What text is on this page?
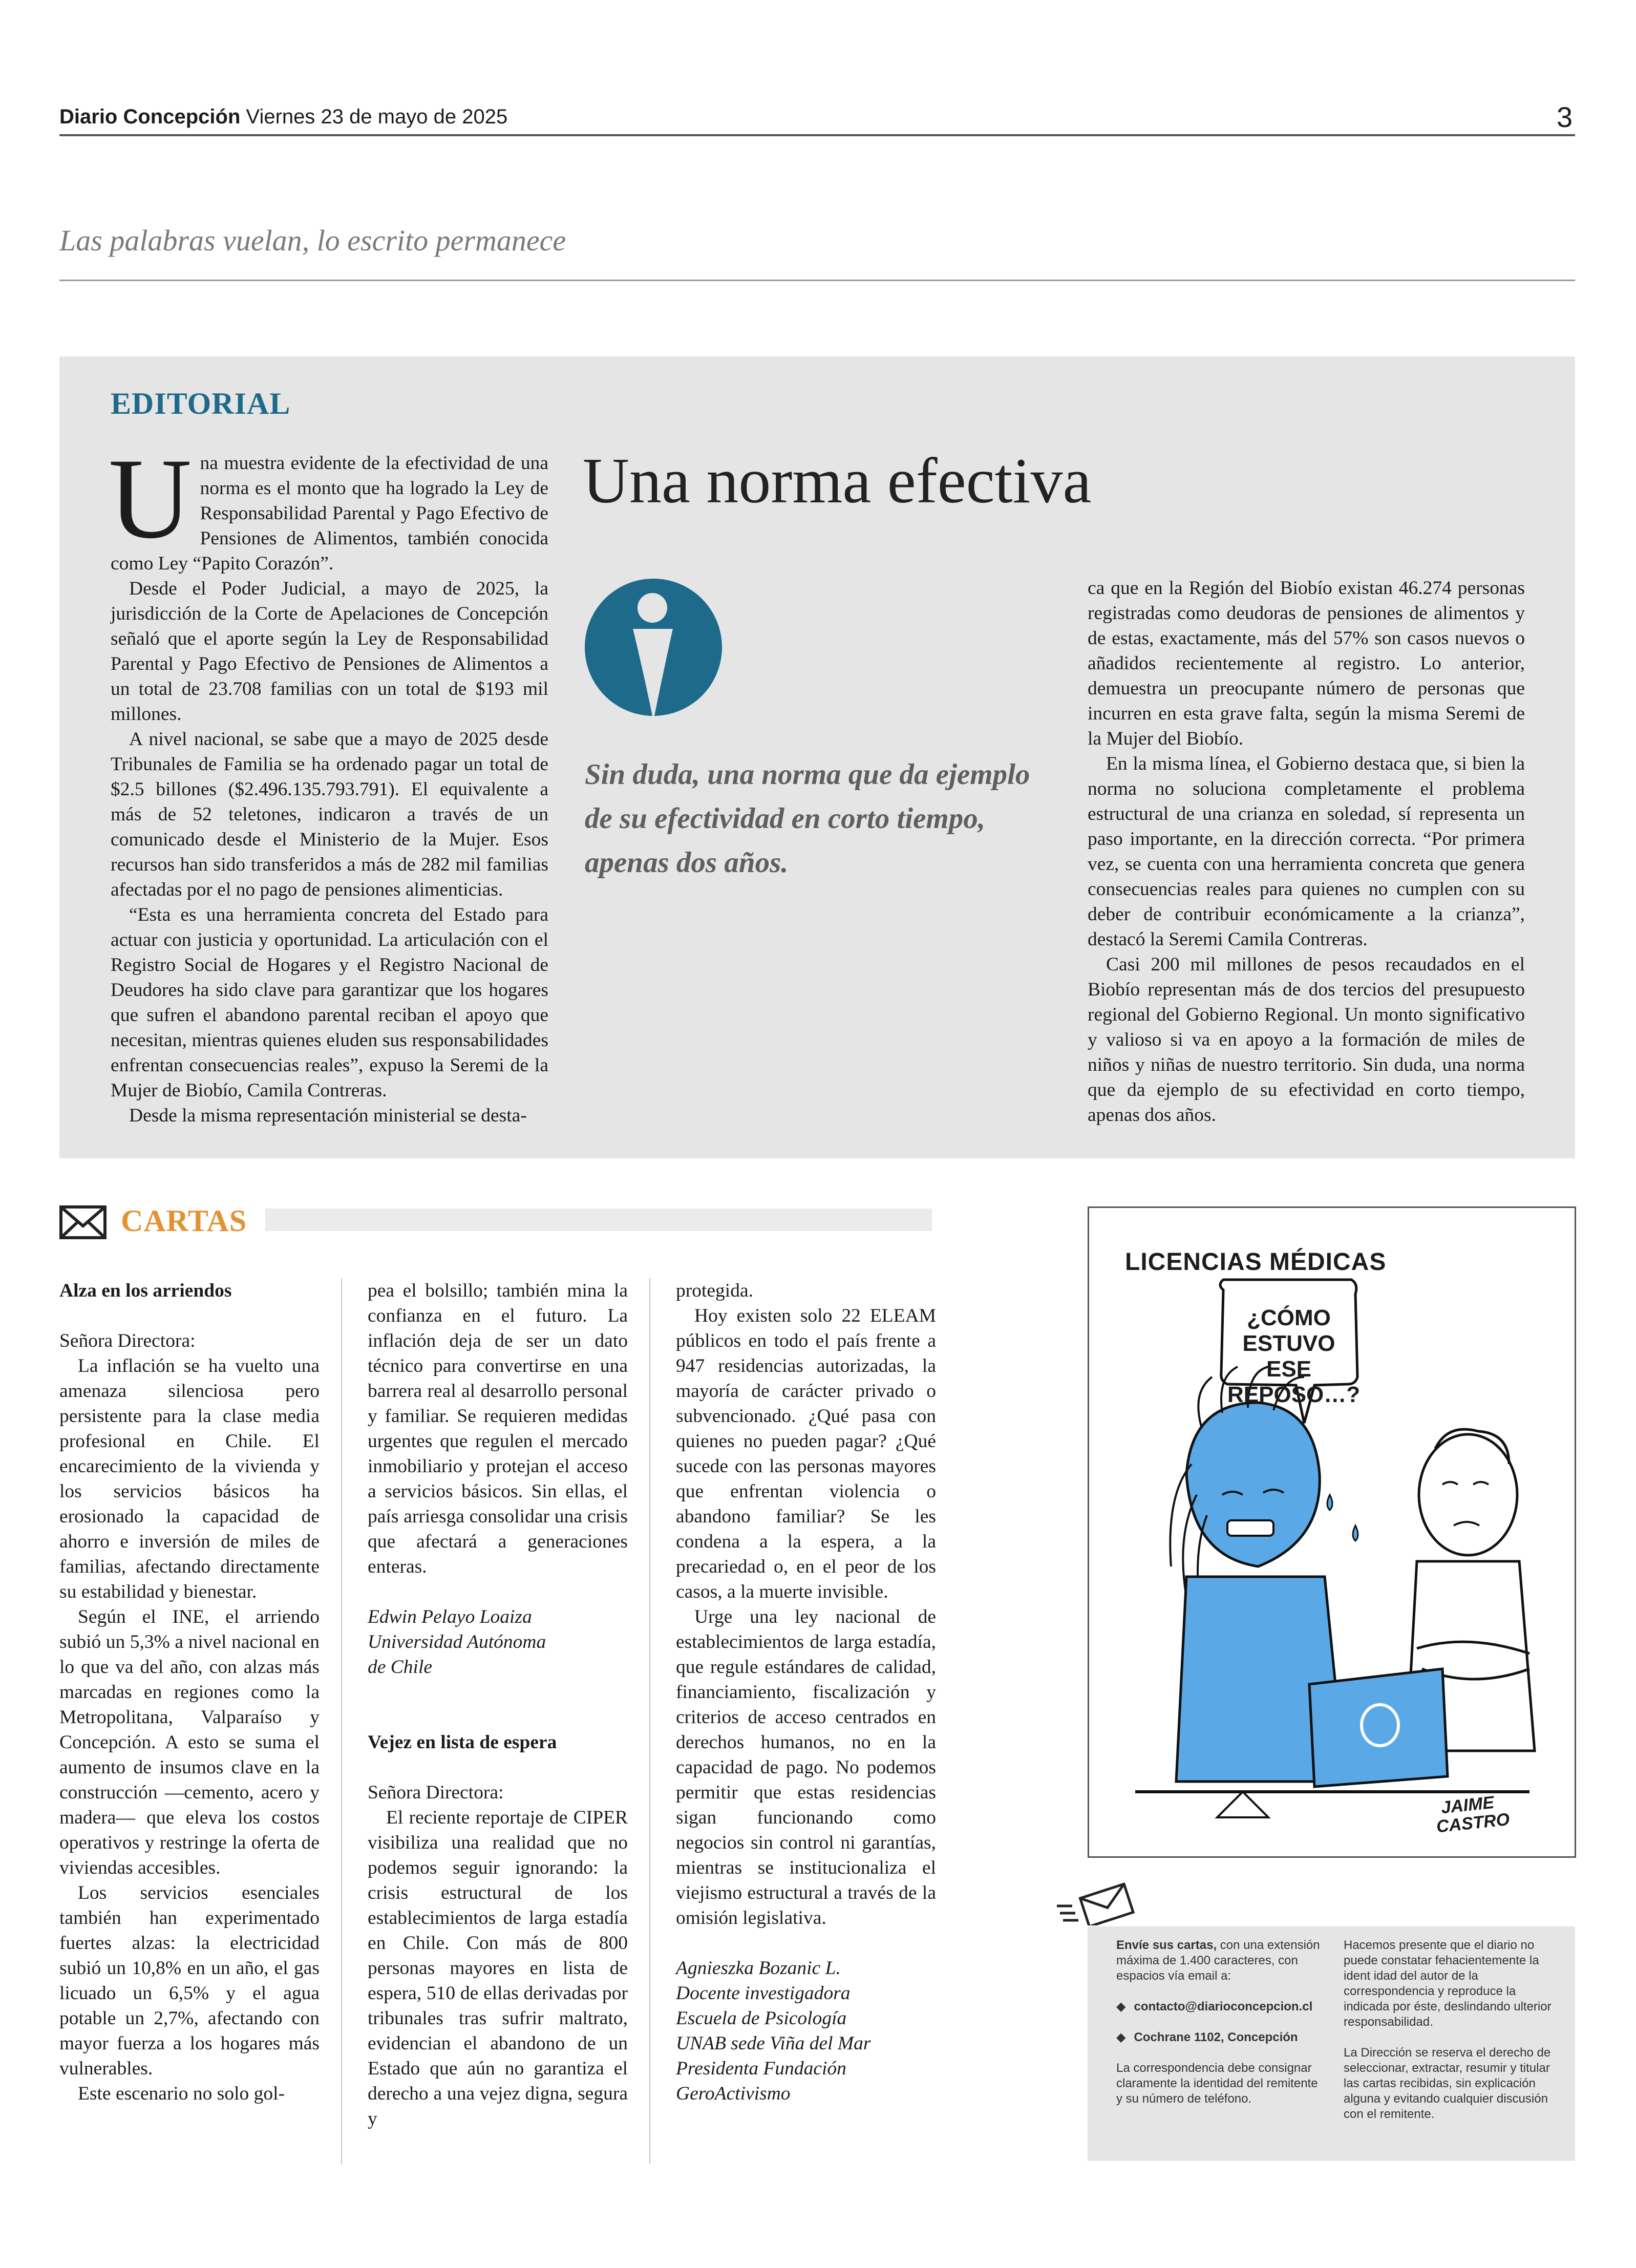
Diario Concepción Viernes 23 de mayo de 2025	3
Las palabras vuelan, lo escrito permanece
EDITORIAL

Una muestra evidente de la efectividad de una norma es el monto que ha logrado la Ley de Responsabilidad Parental y Pago Efectivo de Pensiones de Alimentos, también conocida como Ley “Papito Corazón”.

Desde el Poder Judicial, a mayo de 2025, la jurisdicción de la Corte de Apelaciones de Concepción señaló que el aporte según la Ley de Responsabilidad Parental y Pago Efectivo de Pensiones de Alimentos a un total de 23.708 familias con un total de $193 mil millones.

A nivel nacional, se sabe que a mayo de 2025 desde Tribunales de Familia se ha ordenado pagar un total de $2.5 billones ($2.496.135.793.791). El equivalente a más de 52 teletones, indicaron a través de un comunicado desde el Ministerio de la Mujer. Esos recursos han sido transferidos a más de 282 mil familias afectadas por el no pago de pensiones alimenticias.

“Esta es una herramienta concreta del Estado para actuar con justicia y oportunidad. La articulación con el Registro Social de Hogares y el Registro Nacional de Deudores ha sido clave para garantizar que los hogares que sufren el abandono parental reciban el apoyo que necesitan, mientras quienes eluden sus responsabilidades enfrentan consecuencias reales”, expuso la Seremi de la Mujer de Biobío, Camila Contreras.

Desde la misma representación ministerial se desta-

Una norma efectiva
Sin duda, una norma que da ejemplo de su efectividad en corto tiempo, apenas dos años.

ca que en la Región del Biobío existan 46.274 personas registradas como deudoras de pensiones de alimentos y de estas, exactamente, más del 57% son casos nuevos o añadidos recientemente al registro. Lo anterior, demuestra un preocupante número de personas que incurren en esta grave falta, según la misma Seremi de la Mujer del Biobío.

En la misma línea, el Gobierno destaca que, si bien la norma no soluciona completamente el problema estructural de una crianza en soledad, sí representa un paso importante, en la dirección correcta. “Por primera vez, se cuenta con una herramienta concreta que genera consecuencias reales para quienes no cumplen con su deber de contribuir económicamente a la crianza”, destacó la Seremi Camila Contreras.

Casi 200 mil millones de pesos recaudados en el Biobío representan más de dos tercios del presupuesto regional del Gobierno Regional. Un monto significativo y valioso si va en apoyo a la formación de miles de niños y niñas de nuestro territorio. Sin duda, una norma que da ejemplo de su efectividad en corto tiempo, apenas dos años.

CARTAS

Alza en los arriendos

Señora Directora:

La inflación se ha vuelto una amenaza silenciosa pero persistente para la clase media profesional en Chile. El encarecimiento de la vivienda y los servicios básicos ha erosionado la capacidad de ahorro e inversión de miles de familias, afectando directamente su estabilidad y bienestar.

Según el INE, el arriendo subió un 5,3% a nivel nacional en lo que va del año, con alzas más marcadas en regiones como la Metropolitana, Valparaíso y Concepción. A esto se suma el aumento de insumos clave en la construcción —cemento, acero y madera— que eleva los costos operativos y restringe la oferta de viviendas accesibles.

Los servicios esenciales también han experimentado fuertes alzas: la electricidad subió un 10,8% en un año, el gas licuado un 6,5% y el agua potable un 2,7%, afectando con mayor fuerza a los hogares más vulnerables.

Este escenario no solo gol-

pea el bolsillo; también mina la confianza en el futuro. La inflación deja de ser un dato técnico para convertirse en una barrera real al desarrollo personal y familiar. Se requieren medidas urgentes que regulen el mercado inmobiliario y protejan el acceso a servicios básicos. Sin ellas, el país arriesga consolidar una crisis que afectará a generaciones enteras.

Edwin Pelayo Loaiza

Universidad Autónoma

de Chile

Vejez en lista de espera

Señora Directora:

El reciente reportaje de CIPER visibiliza una realidad que no podemos seguir ignorando: la crisis estructural de los establecimientos de larga estadía en Chile. Con más de 800 personas mayores en lista de espera, 510 de ellas derivadas por tribunales tras sufrir maltrato, evidencian el abandono de un Estado que aún no garantiza el derecho a una vejez digna, segura y

protegida.

Hoy existen solo 22 ELEAM públicos en todo el país frente a 947 residencias autorizadas, la mayoría de carácter privado o subvencionado. ¿Qué pasa con quienes no pueden pagar? ¿Qué sucede con las personas mayores que enfrentan violencia o abandono familiar? Se les condena a la espera, a la precariedad o, en el peor de los casos, a la muerte invisible.

Urge una ley nacional de establecimientos de larga estadía, que regule estándares de calidad, financiamiento, fiscalización y criterios de acceso centrados en derechos humanos, no en la capacidad de pago. No podemos permitir que estas residencias sigan funcionando como negocios sin control ni garantías, mientras se institucionaliza el viejismo estructural a través de la omisión legislativa.

Agnieszka Bozanic L.

Docente investigadora

Escuela de Psicología

UNAB sede Viña del Mar

Presidenta Fundación

GeroActivismo

LICENCIAS MÉDICAS
¿CÓMO ESTUVO ESE REPOSO…?
JAIME CASTRO

Envíe sus cartas, con una extensión máxima de 1.400 caracteres, con espacios vía email a:

◆ contacto@diarioconcepcion.cl

◆ Cochrane 1102, Concepción

La correspondencia debe consignar claramente la identidad del remitente y su número de teléfono.

Hacemos presente que el diario no puede constatar fehacientemente la ident idad del autor de la correspondencia y reproduce la indicada por éste, deslindando ulterior responsabilidad.

La Dirección se reserva el derecho de seleccionar, extractar, resumir y titular las cartas recibidas, sin explicación alguna y evitando cualquier discusión con el remitente.
